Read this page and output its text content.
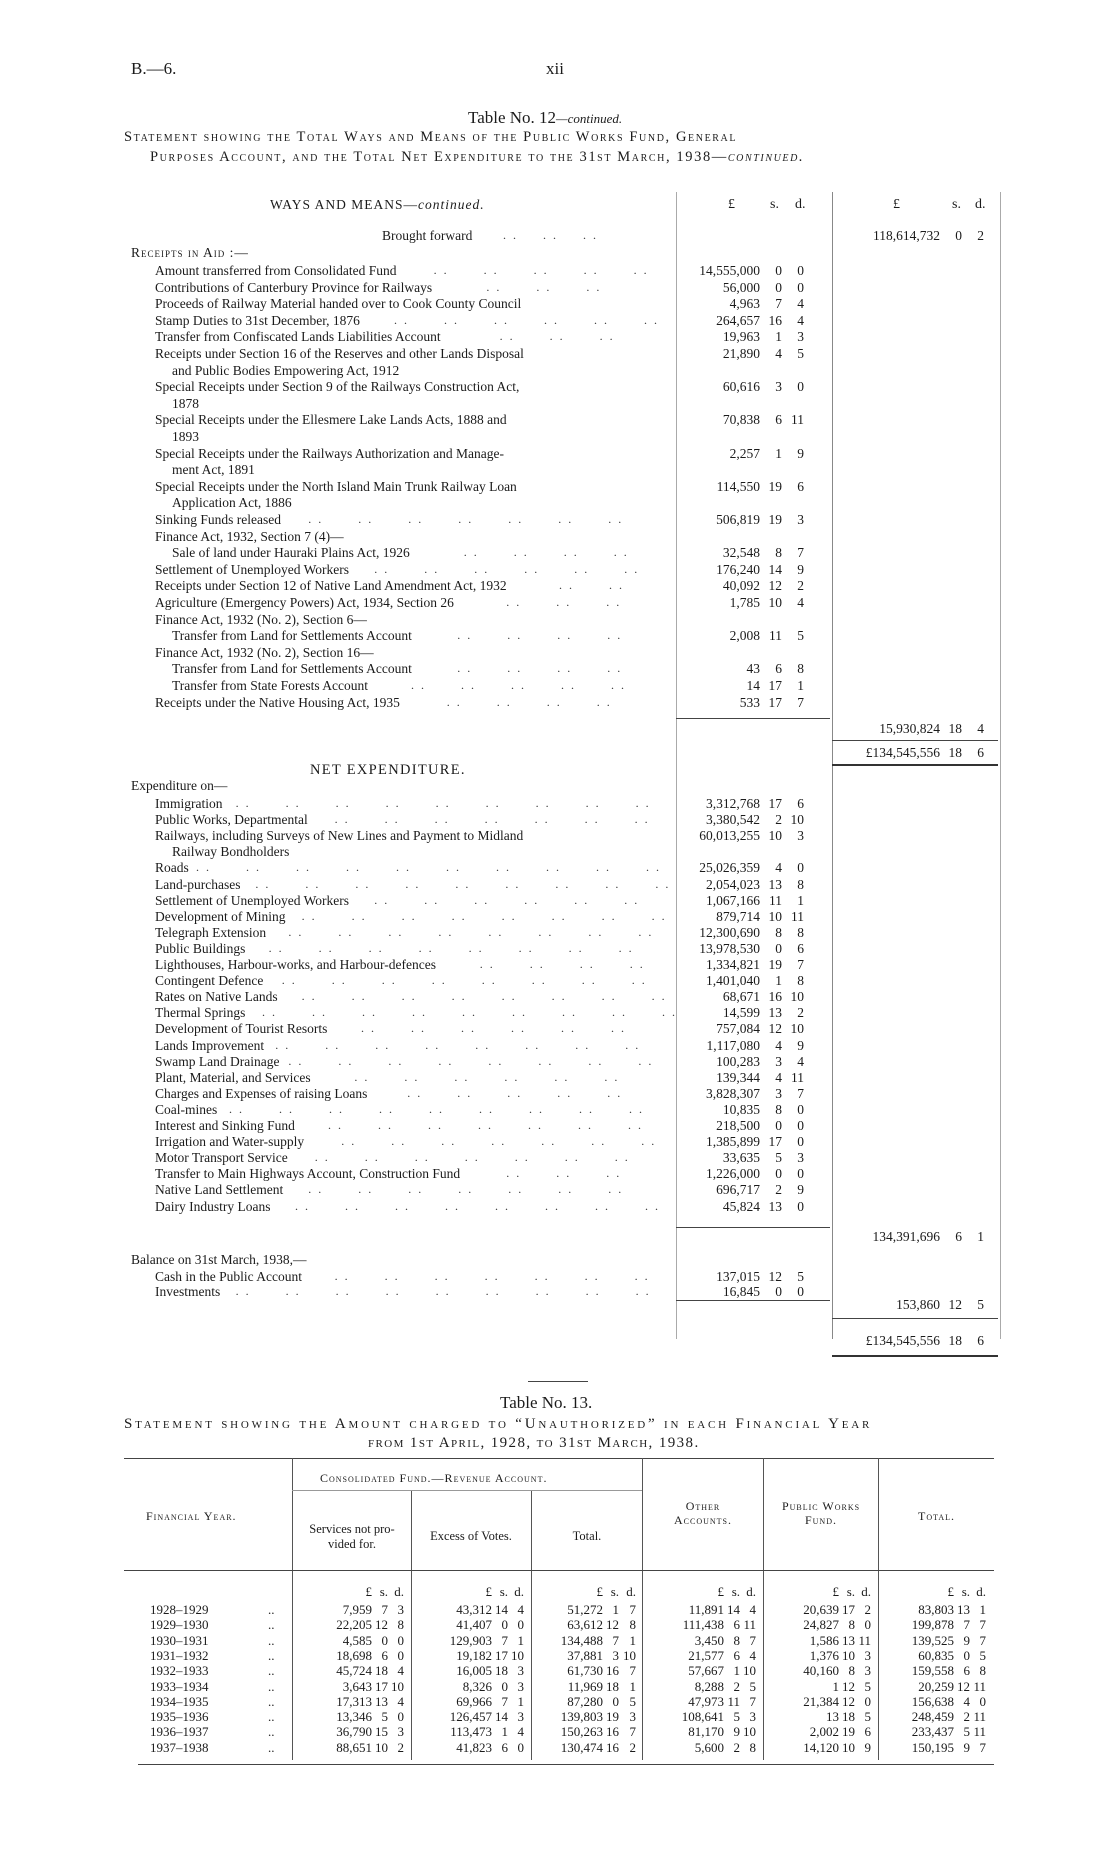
B.—6.	xii
Table No. 12—continued.
Statement showing the Total Ways and Means of the Public Works Fund, General
Purposes Account, and the Total Net Expenditure to the 31st March, 1938—continued.
WAYS AND MEANS—continued.	£	s. d.	£	s. d.
Brought forward	..  ..  ..	118,614,732	0	2
Receipts in Aid :—
Amount transferred from Consolidated Fund	..   ..   ..   ..   ..	14,555,000	0	0
Contributions of Canterbury Province for Railways	..   ..   ..	56,000	0	0
Proceeds of Railway Material handed over to Cook County Council	4,963	7	4
Stamp Duties to 31st December, 1876	..   ..   ..   ..   ..   ..	264,657 16	4
Transfer from Confiscated Lands Liabilities Account	..   ..   ..	19,963	1	3
Receipts under Section 16 of the Reserves and other Lands Disposal	21,890	4	5
and Public Bodies Empowering Act, 1912
Special Receipts under Section 9 of the Railways Construction Act,	60,616	3	0
1878
Special Receipts under the Ellesmere Lake Lands Acts, 1888 and	70,838	6 11
1893
Special Receipts under the Railways Authorization and Manage-	2,257	1	9
ment Act, 1891
Special Receipts under the North Island Main Trunk Railway Loan	114,550 19	6
Application Act, 1886
Sinking Funds released ..   ..   ..   ..   ..   ..   ..	506,819 19	3
Finance Act, 1932, Section 7 (4)—
Sale of land under Hauraki Plains Act, 1926	..   ..   ..   ..	32,548	8	7
Settlement of Unemployed Workers ..   ..   ..   ..   ..   ..	176,240 14	9
Receipts under Section 12 of Native Land Amendment Act, 1932	..   ..	40,092 12	2
Agriculture (Emergency Powers) Act, 1934, Section 26	..   ..   ..	1,785 10	4
Finance Act, 1932 (No. 2), Section 6—
Transfer from Land for Settlements Account	..   ..   ..   ..	2,008 11	5
Finance Act, 1932 (No. 2), Section 16—
Transfer from Land for Settlements Account	..   ..   ..   ..	43	6	8
Transfer from State Forests Account	..   ..   ..   ..   ..	14 17	1
Receipts under the Native Housing Act, 1935	..   ..   ..   ..	533 17	7
15,930,824 18	4
£134,545,556 18	6
NET EXPENDITURE.
Expenditure on—
Immigration ..   ..   ..   ..   ..   ..   ..   ..   ..	3,312,768 17	6
Public Works, Departmental ..   ..   ..   ..   ..   ..   ..	3,380,542	2 10
Railways, including Surveys of New Lines and Payment to Midland	60,013,255 10	3
Railway Bondholders
Roads ..   ..   ..   ..   ..   ..   ..   ..   ..   ..	25,026,359	4	0
Land-purchases ..   ..   ..   ..   ..   ..   ..   ..   ..	2,054,023 13	8
Settlement of Unemployed Workers ..   ..   ..   ..   ..   ..	1,067,166 11	1
Development of Mining ..   ..   ..   ..   ..   ..   ..   ..	879,714 10 11
Telegraph Extension ..   ..   ..   ..   ..   ..   ..   ..	12,300,690	8	8
Public Buildings ..   ..   ..   ..   ..   ..   ..   ..	13,978,530	0	6
Lighthouses, Harbour-works, and Harbour-defences	..   ..   ..   ..	1,334,821 19	7
Contingent Defence ..   ..   ..   ..   ..   ..   ..   ..	1,401,040	1	8
Rates on Native Lands ..   ..   ..   ..   ..   ..   ..   ..	68,671 16 10
Thermal Springs ..   ..   ..   ..   ..   ..   ..   ..   ..	14,599 13	2
Development of Tourist Resorts	..   ..   ..   ..   ..   ..	757,084 12 10
Lands Improvement ..   ..   ..   ..   ..   ..   ..   ..	1,117,080	4	9
Swamp Land Drainage ..   ..   ..   ..   ..   ..   ..   ..	100,283	3	4
Plant, Material, and Services	..   ..   ..   ..   ..   ..	139,344	4 11
Charges and Expenses of raising Loans	..   ..   ..   ..   ..	3,828,307	3	7
Coal-mines ..   ..   ..   ..   ..   ..   ..   ..   ..	10,835	8	0
Interest and Sinking Fund	..   ..   ..   ..   ..   ..   ..	218,500	0	0
Irrigation and Water-supply	..   ..   ..   ..   ..   ..   ..	1,385,899 17	0
Motor Transport Service ..   ..   ..   ..   ..   ..   ..	33,635	5	3
Transfer to Main Highways Account, Construction Fund	..   ..   ..	1,226,000	0	0
Native Land Settlement ..   ..   ..   ..   ..   ..   ..	696,717	2	9
Dairy Industry Loans ..   ..   ..   ..   ..   ..   ..   ..	45,824 13	0
134,391,696	6	1
Balance on 31st March, 1938,—
Cash in the Public Account	..   ..   ..   ..   ..   ..   ..	137,015 12	5
Investments ..   ..   ..   ..   ..   ..   ..   ..   ..	16,845	0	0
153,860 12	5
£134,545,556 18	6
Table No. 13.
Statement showing the Amount charged to “Unauthorized” in each Financial Year
from 1st April, 1928, to 31st March, 1938.
Financial Year.
Consolidated Fund.—Revenue Account.
Services not pro-
vided for.
Excess of Votes.	Total.
Other
Accounts.
Public Works
Fund.	Total.
£ s. d.	£ s. d.	£ s. d.	£ s. d.	£ s. d.	£ s. d.
1928–1929	..	7,959 7 3	43,312 14 4	51,272 1 7	11,891 14 4	20,639 17 2	83,803 13 1
1929–1930	..	22,205 12 8	41,407 0 0	63,612 12 8	111,438 6 11	24,827 8 0	199,878 7 7
1930–1931	..	4,585 0 0	129,903 7 1	134,488 7 1	3,450 8 7	1,586 13 11	139,525 9 7
1931–1932	..	18,698 6 0	19,182 17 10	37,881 3 10	21,577 6 4	1,376 10 3	60,835 0 5
1932–1933	..	45,724 18 4	16,005 18 3	61,730 16 7	57,667 1 10	40,160 8 3	159,558 6 8
1933–1934	..	3,643 17 10	8,326 0 3	11,969 18 1	8,288 2 5	1 12 5	20,259 12 11
1934–1935	..	17,313 13 4	69,966 7 1	87,280 0 5	47,973 11 7	21,384 12 0	156,638 4 0
1935–1936	..	13,346 5 0	126,457 14 3	139,803 19 3	108,641 5 3	13 18 5	248,459 2 11
1936–1937	..	36,790 15 3	113,473 1 4	150,263 16 7	81,170 9 10	2,002 19 6	233,437 5 11
1937–1938	..	88,651 10 2	41,823 6 0	130,474 16 2	5,600 2 8	14,120 10 9	150,195 9 7
